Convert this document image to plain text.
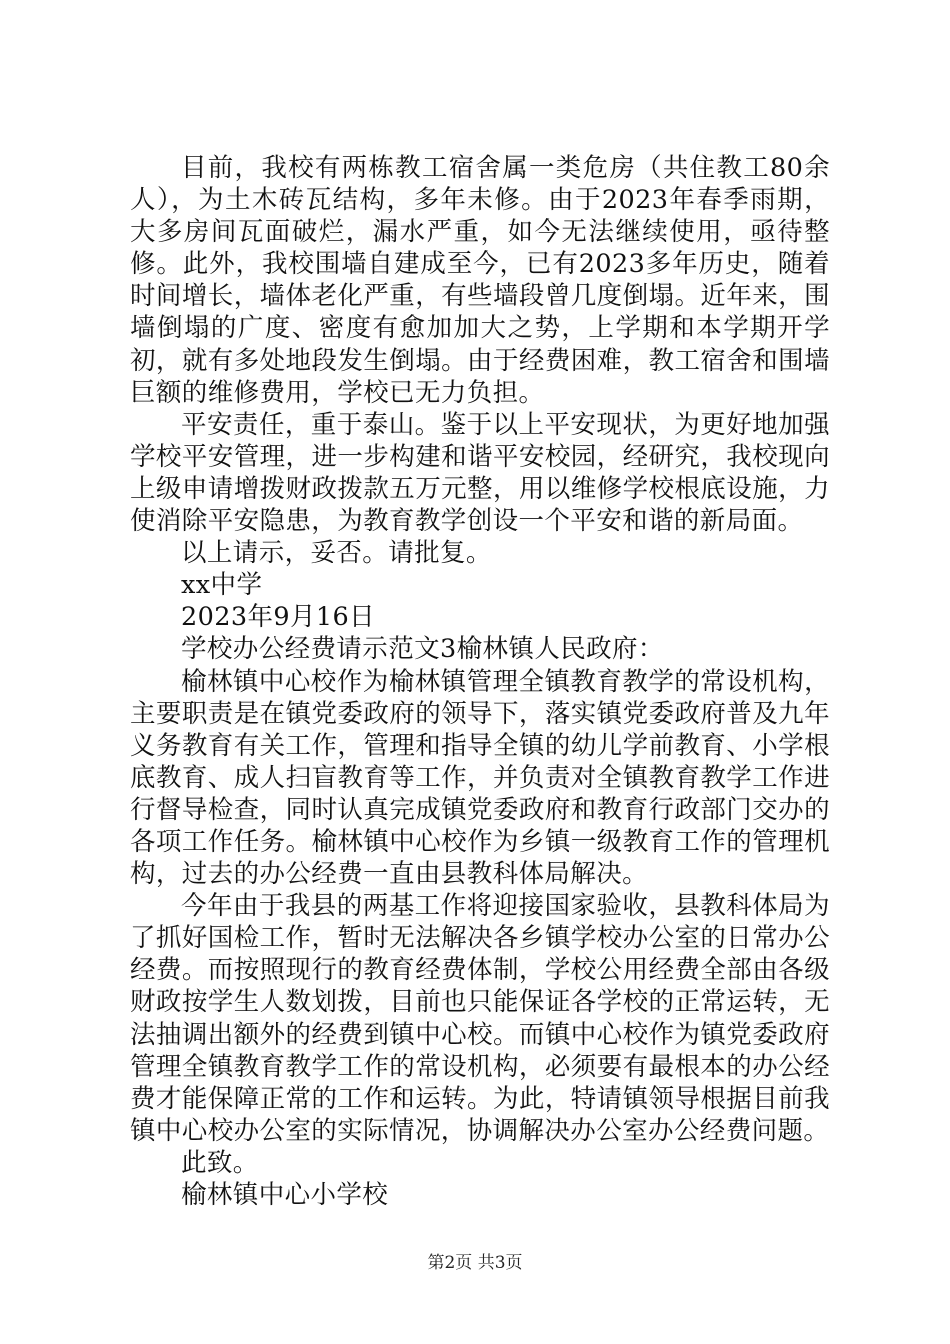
目前，我校有两栋教工宿舍属一类危房（共住教工80余人），为土木砖瓦结构，多年未修。由于2023年春季雨期，大多房间瓦面破烂，漏水严重，如今无法继续使用，亟待整修。此外，我校围墙自建成至今，已有2023多年历史，随着时间增长，墙体老化严重，有些墙段曾几度倒塌。近年来，围墙倒塌的广度、密度有愈加加大之势，上学期和本学期开学初，就有多处地段发生倒塌。由于经费困难，教工宿舍和围墙巨额的维修费用，学校已无力负担。

平安责任，重于泰山。鉴于以上平安现状，为更好地加强学校平安管理，进一步构建和谐平安校园，经研究，我校现向上级申请增拨财政拨款五万元整，用以维修学校根底设施，力使消除平安隐患，为教育教学创设一个平安和谐的新局面。

以上请示，妥否。请批复。

xx中学

2023年9月16日

学校办公经费请示范文3榆林镇人民政府：

榆林镇中心校作为榆林镇管理全镇教育教学的常设机构，主要职责是在镇党委政府的领导下，落实镇党委政府普及九年义务教育有关工作，管理和指导全镇的幼儿学前教育、小学根底教育、成人扫盲教育等工作，并负责对全镇教育教学工作进行督导检查，同时认真完成镇党委政府和教育行政部门交办的各项工作任务。榆林镇中心校作为乡镇一级教育工作的管理机构，过去的办公经费一直由县教科体局解决。

今年由于我县的两基工作将迎接国家验收，县教科体局为了抓好国检工作，暂时无法解决各乡镇学校办公室的日常办公经费。而按照现行的教育经费体制，学校公用经费全部由各级财政按学生人数划拨，目前也只能保证各学校的正常运转，无法抽调出额外的经费到镇中心校。而镇中心校作为镇党委政府管理全镇教育教学工作的常设机构，必须要有最根本的办公经费才能保障正常的工作和运转。为此，特请镇领导根据目前我镇中心校办公室的实际情况，协调解决办公室办公经费问题。

此致。

榆林镇中心小学校

第2页 共3页
